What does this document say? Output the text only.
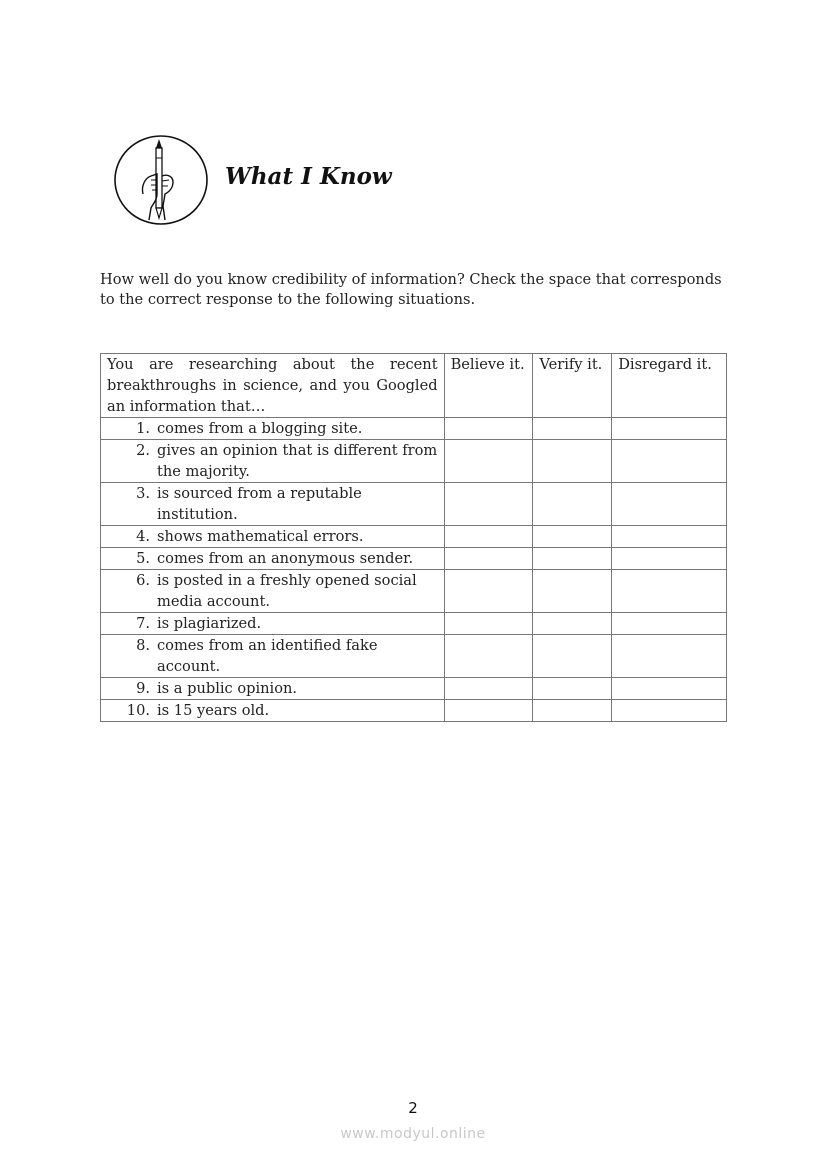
What I Know
How well do you know credibility of information? Check the space that corresponds to the correct response to the following situations.
You are researching about the recent breakthroughs in science, and you Googled an information that…	Believe it.	Verify it.	Disregard it.

1. comes from a blogging site.			

2. gives an opinion that is different from the majority.			

3. is sourced from a reputable institution.			

4. shows mathematical errors.			

5. comes from an anonymous sender.			

6. is posted in a freshly opened social media account.			

7. is plagiarized.			

8. comes from an identified fake account.			

9. is a public opinion.			

10. is 15 years old.			

2
www.modyul.online
